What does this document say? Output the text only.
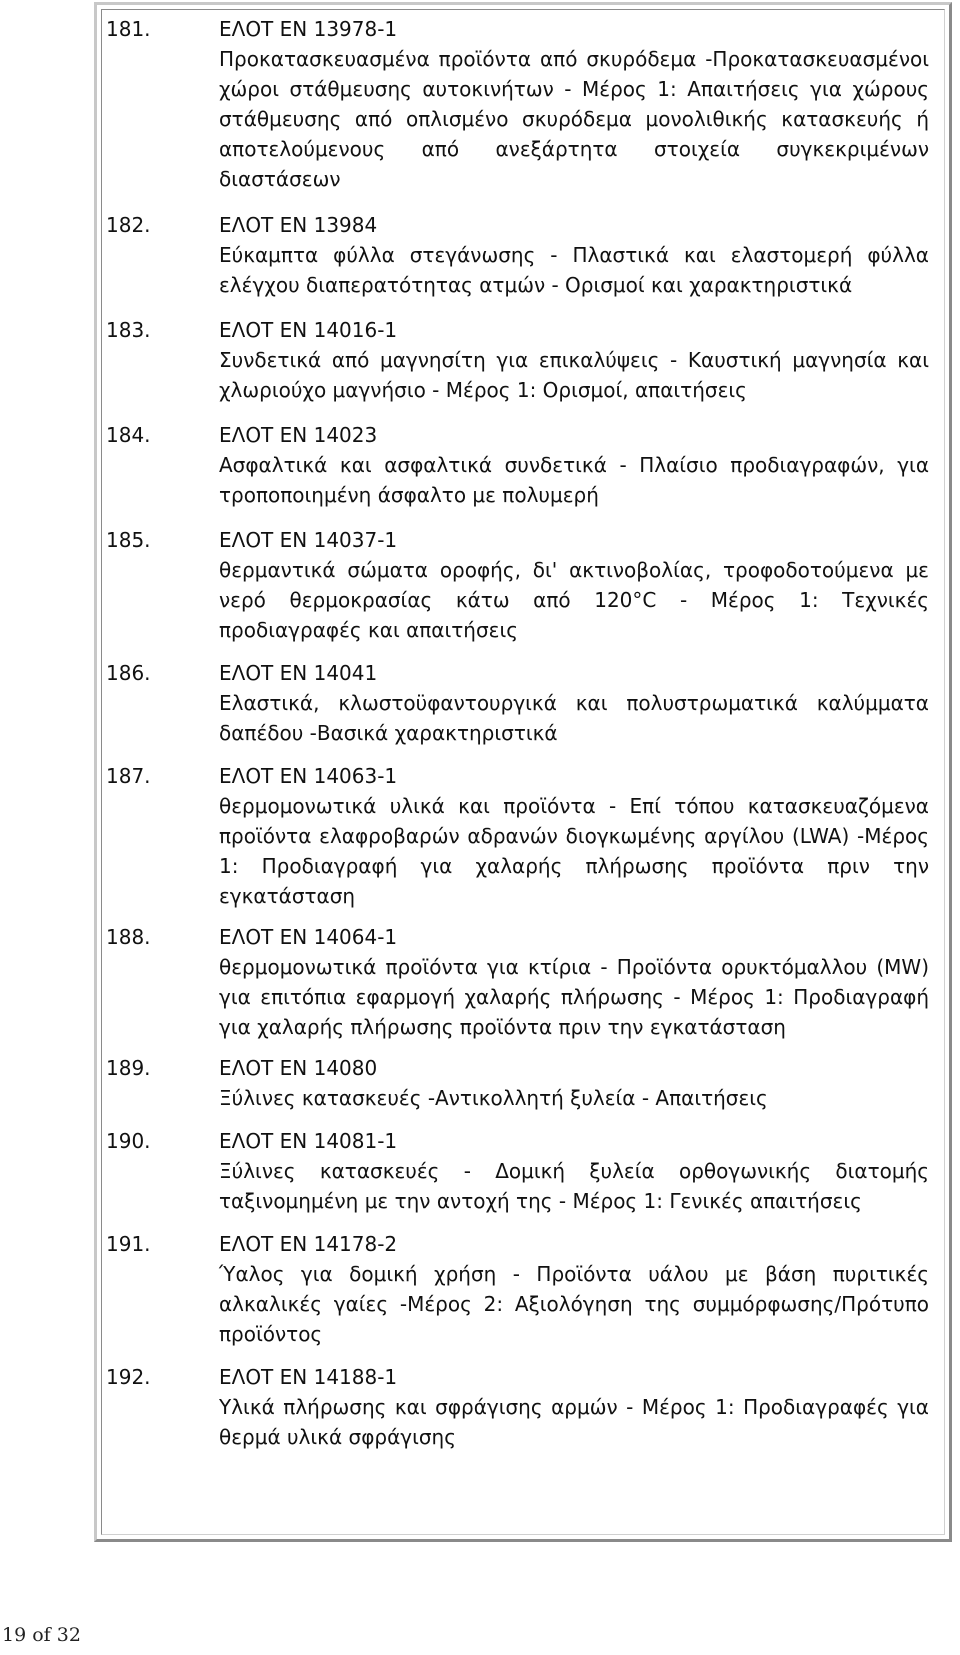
181.	ΕΛΟΤ ΕΝ 13978-1
Προκατασκευασμένα προϊόντα από σκυρόδεμα -Προκατασκευασμένοι χώροι στάθμευσης αυτοκινήτων - Μέρος 1: Απαιτήσεις για χώρους στάθμευσης από οπλισμένο σκυρόδεμα μονολιθικής κατασκευής ή αποτελούμενους από ανεξάρτητα στοιχεία συγκεκριμένων διαστάσεων
182.	ΕΛΟΤ ΕΝ 13984
Εύκαμπτα φύλλα στεγάνωσης - Πλαστικά και ελαστομερή φύλλα ελέγχου διαπερατότητας ατμών - Ορισμοί και χαρακτηριστικά
183.	ΕΛΟΤ ΕΝ 14016-1
Συνδετικά από μαγνησίτη για επικαλύψεις - Καυστική μαγνησία και χλωριούχο μαγνήσιο - Μέρος 1: Ορισμοί, απαιτήσεις
184.	ΕΛΟΤ ΕΝ 14023
Ασφαλτικά και ασφαλτικά συνδετικά - Πλαίσιο προδιαγραφών, για τροποποιημένη άσφαλτο με πολυμερή
185.	ΕΛΟΤ ΕΝ 14037-1
θερμαντικά σώματα οροφής, δι' ακτινοβολίας, τροφοδοτούμενα με νερό θερμοκρασίας κάτω από 120°C - Μέρος 1: Τεχνικές προδιαγραφές και απαιτήσεις
186.	ΕΛΟΤ ΕΝ 14041
Ελαστικά, κλωστοϋφαντουργικά και πολυστρωματικά καλύμματα δαπέδου -Βασικά χαρακτηριστικά
187.	ΕΛΟΤ ΕΝ 14063-1
θερμομονωτικά υλικά και προϊόντα - Επί τόπου κατασκευαζόμενα προϊόντα ελαφροβαρών αδρανών διογκωμένης αργίλου (LWA) -Μέρος 1: Προδιαγραφή για χαλαρής πλήρωσης προϊόντα πριν την εγκατάσταση
188.	ΕΛΟΤ ΕΝ 14064-1
θερμομονωτικά προϊόντα για κτίρια - Προϊόντα ορυκτόμαλλου (MW) για επιτόπια εφαρμογή χαλαρής πλήρωσης - Μέρος 1: Προδιαγραφή για χαλαρής πλήρωσης προϊόντα πριν την εγκατάσταση
189.	ΕΛΟΤ ΕΝ 14080
Ξύλινες κατασκευές -Αντικολλητή ξυλεία - Απαιτήσεις
190.	ΕΛΟΤ ΕΝ 14081-1
Ξύλινες κατασκευές - Δομική ξυλεία ορθογωνικής διατομής ταξινομημένη με την αντοχή της - Μέρος 1: Γενικές απαιτήσεις
191.	ΕΛΟΤ ΕΝ 14178-2
Ύαλος για δομική χρήση - Προϊόντα υάλου με βάση πυριτικές αλκαλικές γαίες -Μέρος 2: Αξιολόγηση της συμμόρφωσης/Πρότυπο προϊόντος
192.	ΕΛΟΤ ΕΝ 14188-1
Υλικά πλήρωσης και σφράγισης αρμών - Μέρος 1: Προδιαγραφές για θερμά υλικά σφράγισης
19 of 32
